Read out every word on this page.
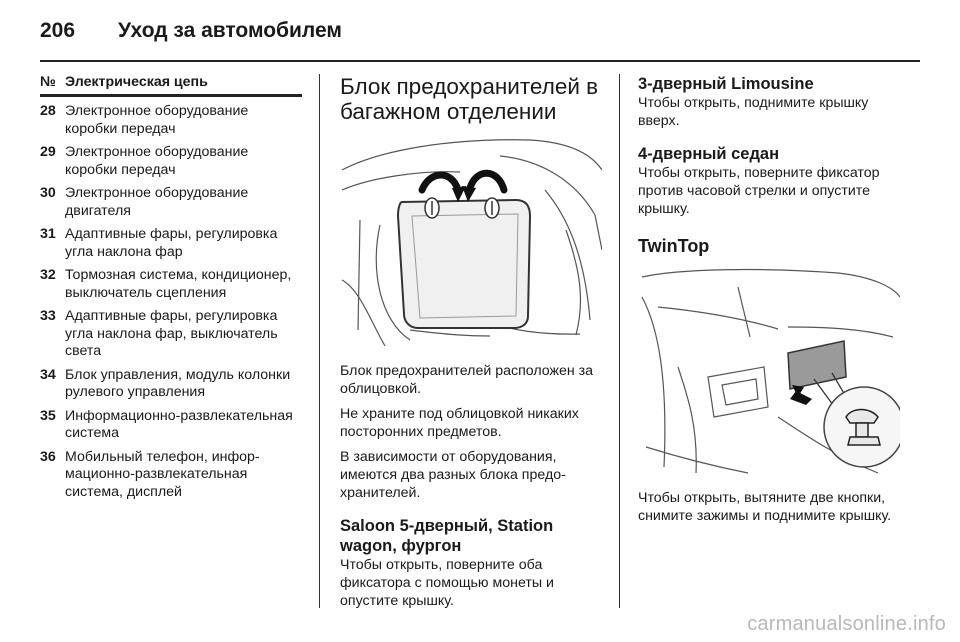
206	Уход за автомобилем
№ Электрическая цепь
28 Электронное оборудование коробки передач
29 Электронное оборудование коробки передач
30 Электронное оборудование двигателя
31 Адаптивные фары, регулировка угла наклона фар
32 Тормозная система, кондиционер, выключатель сцепления
33 Адаптивные фары, регулировка угла наклона фар, выключатель света
34 Блок управления, модуль колонки рулевого управления
35 Информационно-развлекательная система
36 Мобильный телефон, информационно-развлекательная система, дисплей
Блок предохранителей в багажном отделении

Блок предохранителей расположен за облицовкой.

Не храните под облицовкой никаких посторонних предметов.

В зависимости от оборудования, имеются два разных блока предохранителей.

Saloon 5-дверный, Station wagon, фургон

Чтобы открыть, поверните оба фиксатора с помощью монеты и опустите крышку.

3-дверный Limousine

Чтобы открыть, поднимите крышку вверх.

4-дверный седан

Чтобы открыть, поверните фиксатор против часовой стрелки и опустите крышку.

TwinTop

Чтобы открыть, вытяните две кнопки, снимите зажимы и поднимите крышку.

carmanualsonline.info
